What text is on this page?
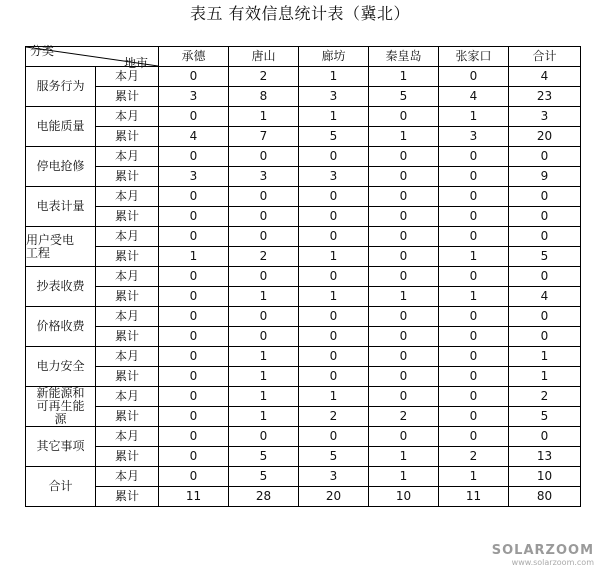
表五 有效信息统计表（冀北）
地市
分类		承德	唐山	廊坊	秦皇岛	张家口	合计
服务行为	本月	0	2	1	1	0	4
	累计	3	8	3	5	4	23
电能质量	本月	0	1	1	0	1	3
	累计	4	7	5	1	3	20
停电抢修	本月	0	0	0	0	0	0
	累计	3	3	3	0	0	9
电表计量	本月	0	0	0	0	0	0
	累计	0	0	0	0	0	0
用户受电
工程	本月	0	0	0	0	0	0
	累计	1	2	1	0	1	5
抄表收费	本月	0	0	0	0	0	0
	累计	0	1	1	1	1	4
价格收费	本月	0	0	0	0	0	0
	累计	0	0	0	0	0	0
电力安全	本月	0	1	0	0	0	1
	累计	0	1	0	0	0	1
新能源和
可再生能
源	本月	0	1	1	0	0	2
	累计	0	1	2	2	0	5
其它事项	本月	0	0	0	0	0	0
	累计	0	5	5	1	2	13
合计	本月	0	5	3	1	1	10
	累计	11	28	20	10	11	80
SOLARZOOM
www.solarzoom.com
